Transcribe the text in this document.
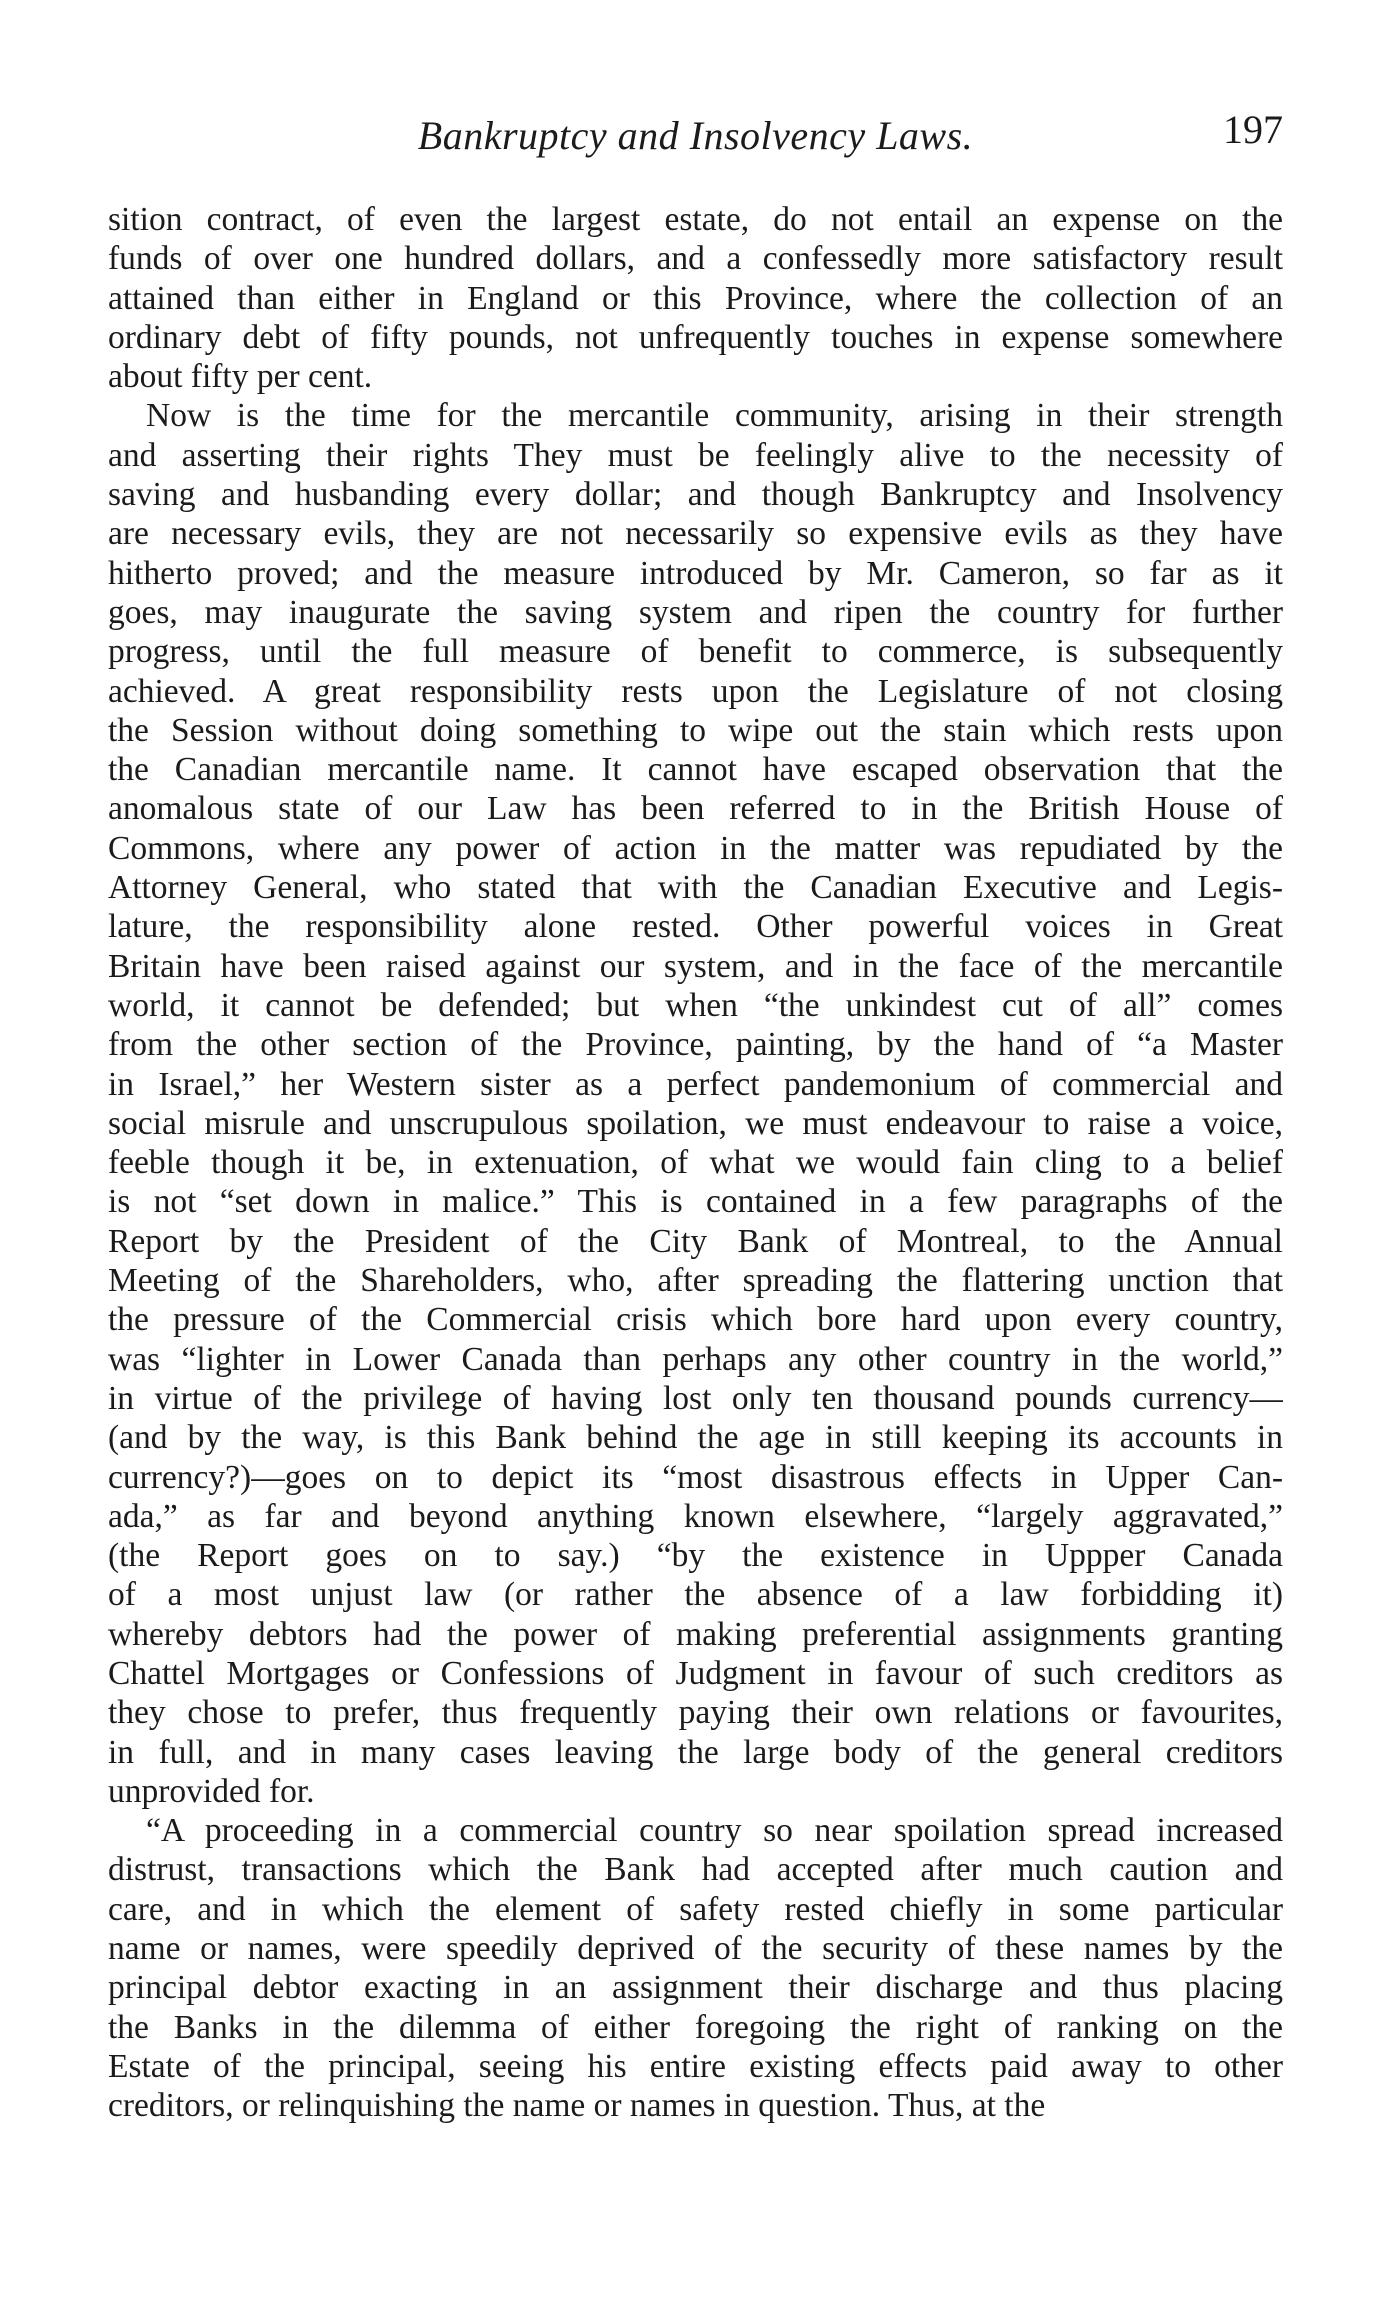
Bankruptcy and Insolvency Laws.	197
sition contract, of even the largest estate, do not entail an expense on the
funds of over one hundred dollars, and a confessedly more satisfactory result
attained than either in England or this Province, where the collection of an
ordinary debt of fifty pounds, not unfrequently touches in expense somewhere
about fifty per cent.
Now is the time for the mercantile community, arising in their strength
and asserting their rights They must be feelingly alive to the necessity of
saving and husbanding every dollar; and though Bankruptcy and Insolvency
are necessary evils, they are not necessarily so expensive evils as they have
hitherto proved; and the measure introduced by Mr. Cameron, so far as it
goes, may inaugurate the saving system and ripen the country for further
progress, until the full measure of benefit to commerce, is subsequently
achieved. A great responsibility rests upon the Legislature of not closing
the Session without doing something to wipe out the stain which rests upon
the Canadian mercantile name. It cannot have escaped observation that the
anomalous state of our Law has been referred to in the British House of
Commons, where any power of action in the matter was repudiated by the
Attorney General, who stated that with the Canadian Executive and Legis-
lature, the responsibility alone rested. Other powerful voices in Great
Britain have been raised against our system, and in the face of the mercantile
world, it cannot be defended; but when “the unkindest cut of all” comes
from the other section of the Province, painting, by the hand of “a Master
in Israel,” her Western sister as a perfect pandemonium of commercial and
social misrule and unscrupulous spoilation, we must endeavour to raise a voice,
feeble though it be, in extenuation, of what we would fain cling to a belief
is not “set down in malice.” This is contained in a few paragraphs of the
Report by the President of the City Bank of Montreal, to the Annual
Meeting of the Shareholders, who, after spreading the flattering unction that
the pressure of the Commercial crisis which bore hard upon every country,
was “lighter in Lower Canada than perhaps any other country in the world,”
in virtue of the privilege of having lost only ten thousand pounds currency—
(and by the way, is this Bank behind the age in still keeping its accounts in
currency?)—goes on to depict its “most disastrous effects in Upper Can-
ada,” as far and beyond anything known elsewhere, “largely aggravated,”
(the Report goes on to say.) “by the existence in Uppper Canada
of a most unjust law (or rather the absence of a law forbidding it)
whereby debtors had the power of making preferential assignments granting
Chattel Mortgages or Confessions of Judgment in favour of such creditors as
they chose to prefer, thus frequently paying their own relations or favourites,
in full, and in many cases leaving the large body of the general creditors
unprovided for.
“A proceeding in a commercial country so near spoilation spread increased
distrust, transactions which the Bank had accepted after much caution and
care, and in which the element of safety rested chiefly in some particular
name or names, were speedily deprived of the security of these names by the
principal debtor exacting in an assignment their discharge and thus placing
the Banks in the dilemma of either foregoing the right of ranking on the
Estate of the principal, seeing his entire existing effects paid away to other
creditors, or relinquishing the name or names in question. Thus, at the
